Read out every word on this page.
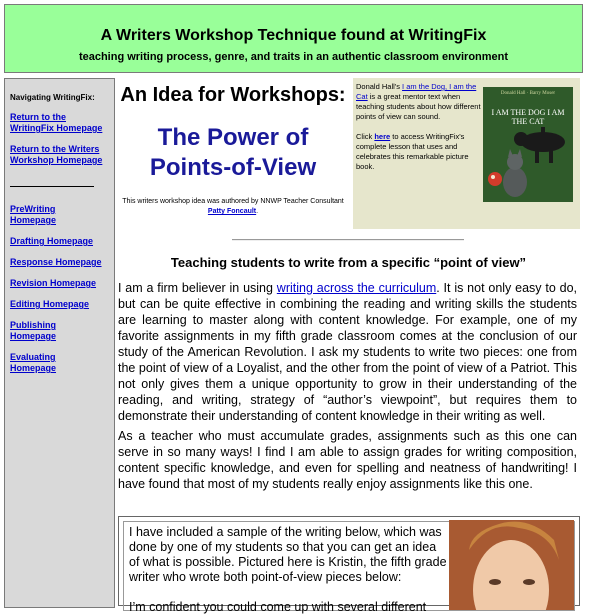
A Writers Workshop Technique found at WritingFix
teaching writing process, genre, and traits in an authentic classroom environment
Navigating WritingFix:
Return to the WritingFix Homepage
Return to the Writers Workshop Homepage
PreWriting Homepage
Drafting Homepage
Response Homepage
Revision Homepage
Editing Homepage
Publishing Homepage
Evaluating Homepage
An Idea for Workshops:
The Power of
Points-of-View
This writers workshop idea was authored by NNWP Teacher Consultant Patty Foncault.
Donald Hall's I am the Dog, I am the Cat is a great mentor text when teaching students about how different points of view can sound.

Click here to access WritingFix's complete lesson that uses and celebrates this remarkable picture book.
Donald Hall · Barry Moser
I AM THE DOG I AM THE CAT
Teaching students to write from a specific “point of view”
I am a firm believer in using writing across the curriculum. It is not only easy to do, but can be quite effective in combining the reading and writing skills the students are learning to master along with content knowledge. For example, one of my favorite assignments in my fifth grade classroom comes at the conclusion of our study of the American Revolution. I ask my students to write two pieces: one from the point of view of a Loyalist, and the other from the point of view of a Patriot. This not only gives them a unique opportunity to grow in their understanding of the reading, and writing, strategy of “author’s viewpoint”, but requires them to demonstrate their understanding of content knowledge in their writing as well.
As a teacher who must accumulate grades, assignments such as this one can serve in so many ways! I find I am able to assign grades for writing composition, content specific knowledge, and even for spelling and neatness of handwriting! I have found that most of my students really enjoy assignments like this one.
I have included a sample of the writing below, which was done by one of my students so that you can get an idea of what is possible. Pictured here is Kristin, the fifth grade writer who wrote both point-of-view pieces below:
I’m confident you could come up with several different
